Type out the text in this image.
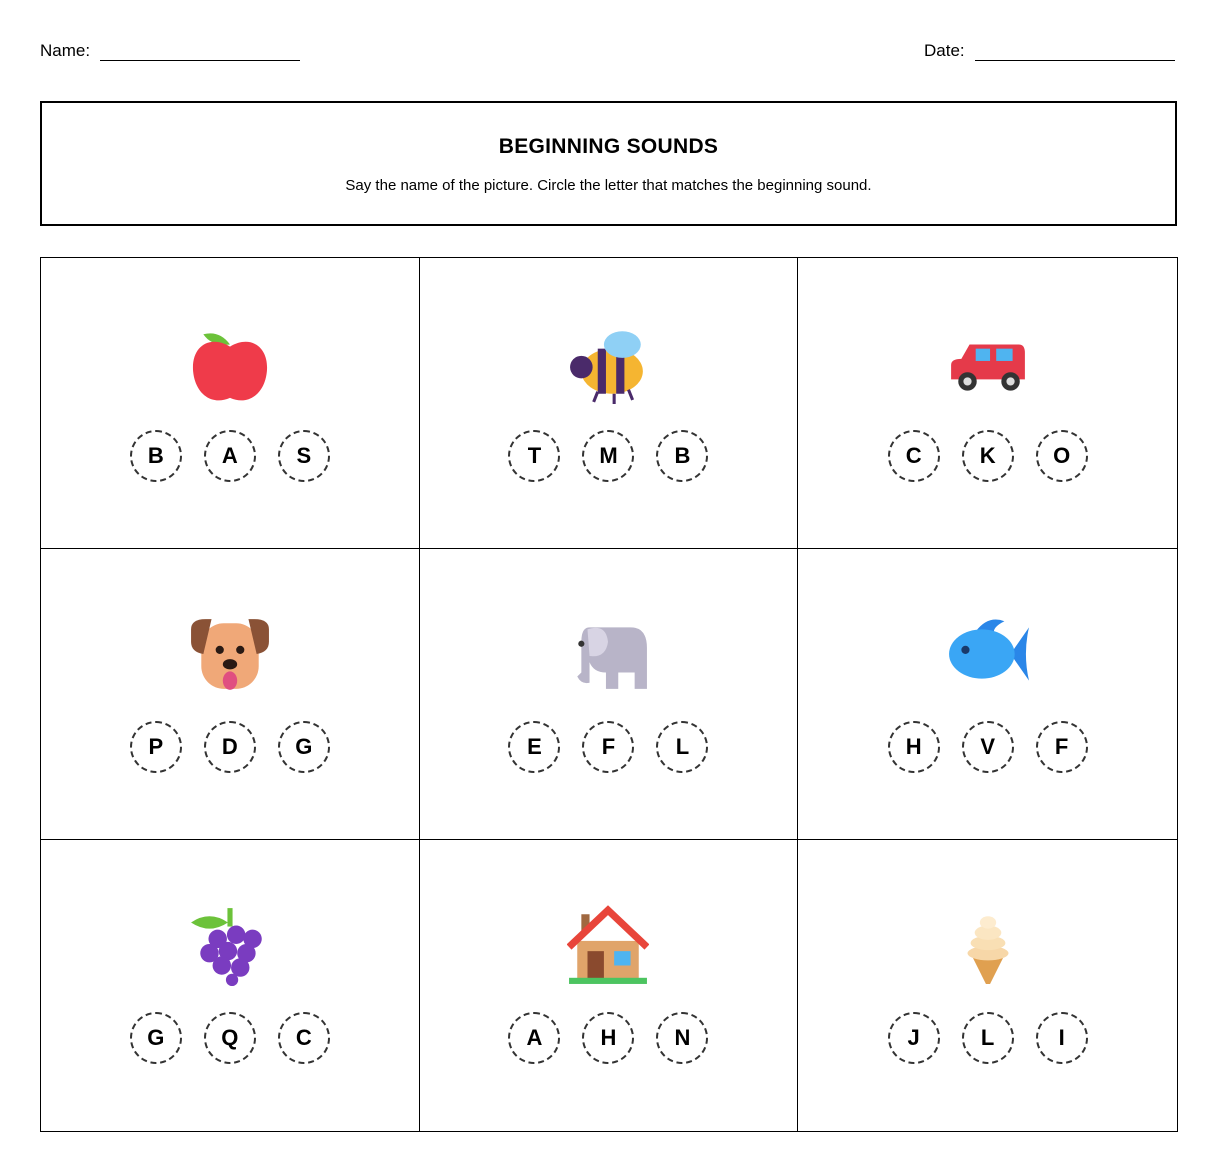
Name:	Date:
BEGINNING SOUNDS

Say the name of the picture. Circle the letter that matches the beginning sound.

B	A	S	T	M	B	C	K	O
P	D	G	E	F	L	H	V	F
G	Q	C	A	H	N	J	L	I
